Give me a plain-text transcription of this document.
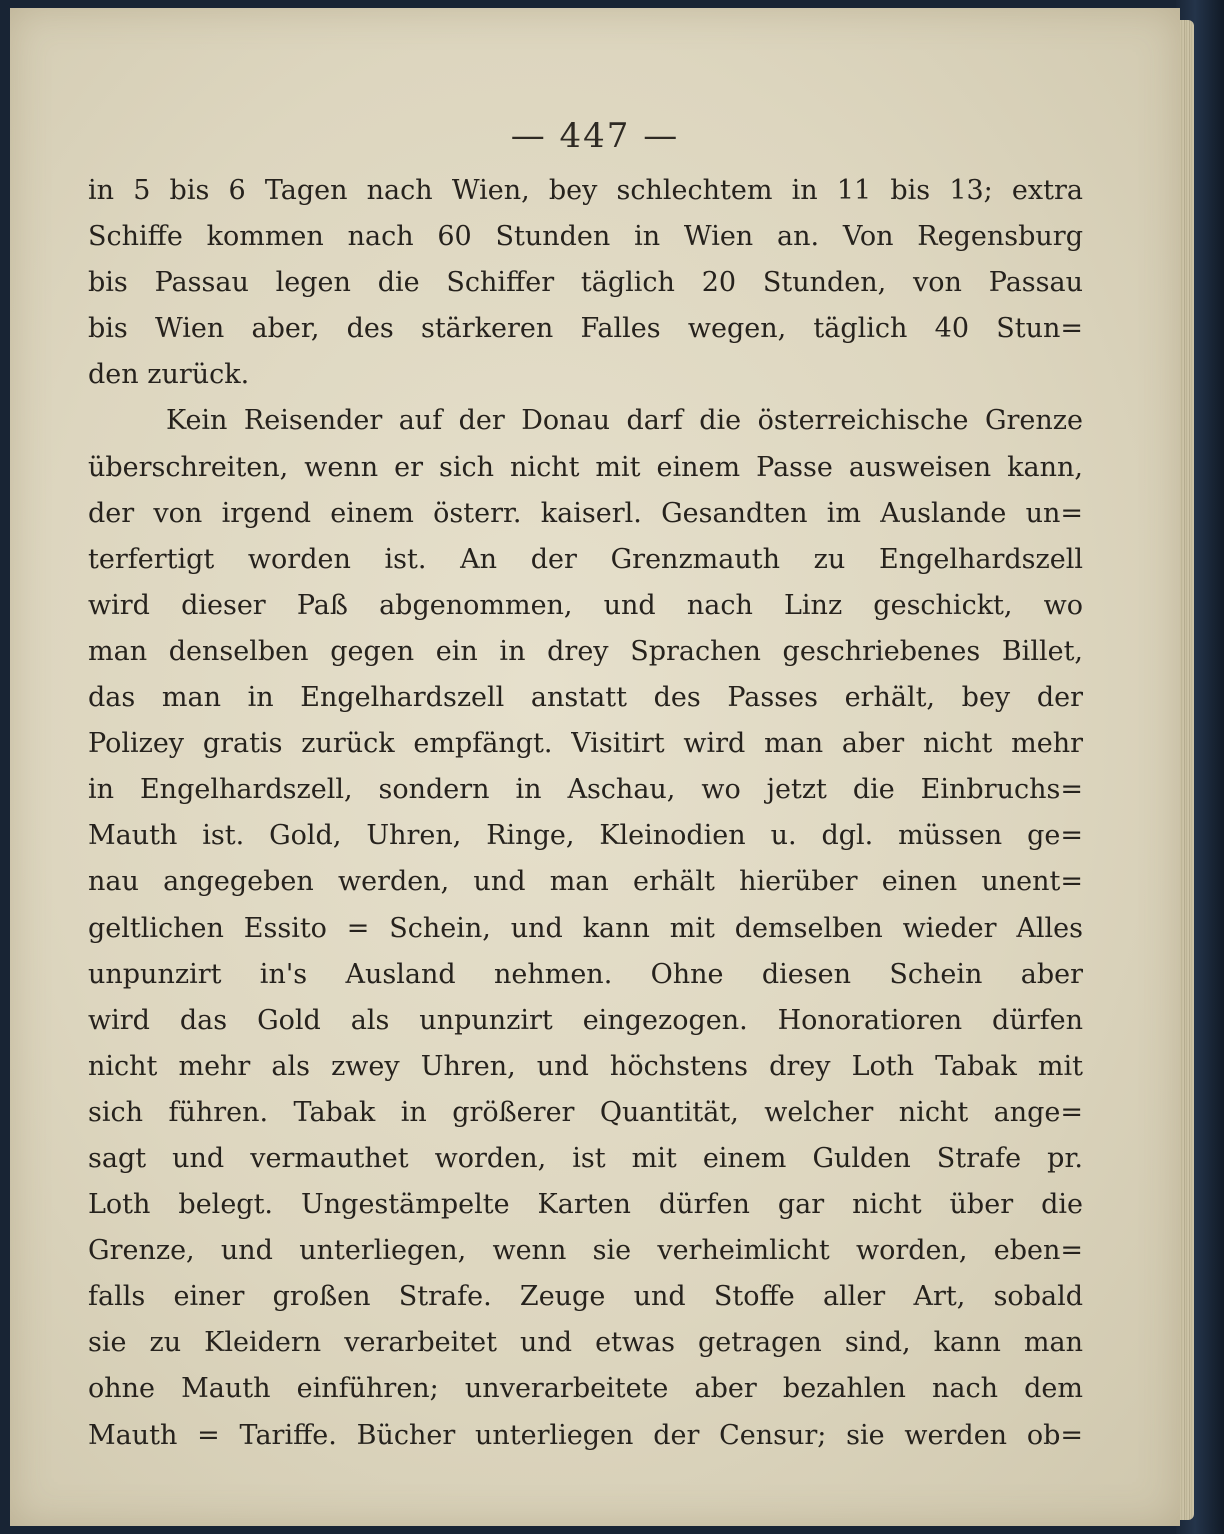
— 447 —
in 5 bis 6 Tagen nach Wien, bey schlechtem in 11 bis 13; extra
Schiffe kommen nach 60 Stunden in Wien an. Von Regensburg
bis Passau legen die Schiffer täglich 20 Stunden, von Passau
bis Wien aber, des stärkeren Falles wegen, täglich 40 Stun=
den zurück.
Kein Reisender auf der Donau darf die österreichische Grenze
überschreiten, wenn er sich nicht mit einem Passe ausweisen kann,
der von irgend einem österr. kaiserl. Gesandten im Auslande un=
terfertigt worden ist. An der Grenzmauth zu Engelhardszell
wird dieser Paß abgenommen, und nach Linz geschickt, wo
man denselben gegen ein in drey Sprachen geschriebenes Billet,
das man in Engelhardszell anstatt des Passes erhält, bey der
Polizey gratis zurück empfängt. Visitirt wird man aber nicht mehr
in Engelhardszell, sondern in Aschau, wo jetzt die Einbruchs=
Mauth ist. Gold, Uhren, Ringe, Kleinodien u. dgl. müssen ge=
nau angegeben werden, und man erhält hierüber einen unent=
geltlichen Essito = Schein, und kann mit demselben wieder Alles
unpunzirt in's Ausland nehmen. Ohne diesen Schein aber
wird das Gold als unpunzirt eingezogen. Honoratioren dürfen
nicht mehr als zwey Uhren, und höchstens drey Loth Tabak mit
sich führen. Tabak in größerer Quantität, welcher nicht ange=
sagt und vermauthet worden, ist mit einem Gulden Strafe pr.
Loth belegt. Ungestämpelte Karten dürfen gar nicht über die
Grenze, und unterliegen, wenn sie verheimlicht worden, eben=
falls einer großen Strafe. Zeuge und Stoffe aller Art, sobald
sie zu Kleidern verarbeitet und etwas getragen sind, kann man
ohne Mauth einführen; unverarbeitete aber bezahlen nach dem
Mauth = Tariffe. Bücher unterliegen der Censur; sie werden ob=
